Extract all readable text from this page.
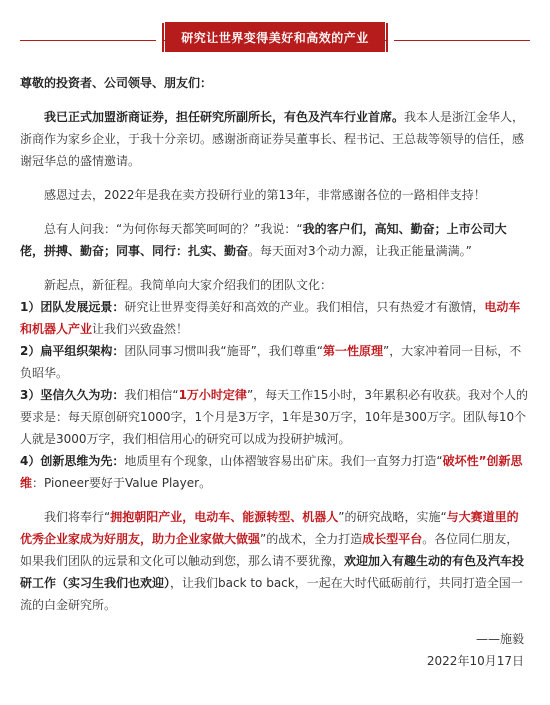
研究让世界变得美好和高效的产业

尊敬的投资者、公司领导、朋友们：

我已正式加盟浙商证券，担任研究所副所长，有色及汽车行业首席。我本人是浙江金华人，浙商作为家乡企业，于我十分亲切。感谢浙商证券吴董事长、程书记、王总裁等领导的信任，感谢冠华总的盛情邀请。

感恩过去，2022年是我在卖方投研行业的第13年，非常感谢各位的一路相伴支持！

总有人问我：“为何你每天都笑呵呵的？”我说：“我的客户们，高知、勤奋；上市公司大佬，拼搏、勤奋；同事、同行：扎实、勤奋。每天面对3个动力源，让我正能量满满。”

新起点，新征程。我简单向大家介绍我们的团队文化：

1）团队发展远景：研究让世界变得美好和高效的产业。我们相信，只有热爱才有激情，电动车和机器人产业让我们兴致盎然！

2）扁平组织架构：团队同事习惯叫我“施哥”，我们尊重“第一性原理”，大家冲着同一目标，不负昭华。

3）坚信久久为功：我们相信“1万小时定律”，每天工作15小时，3年累积必有收获。我对个人的要求是：每天原创研究1000字，1个月是3万字，1年是30万字，10年是300万字。团队每10个人就是3000万字，我们相信用心的研究可以成为投研护城河。

4）创新思维为先：地质里有个现象，山体褶皱容易出矿床。我们一直努力打造“破坏性”创新思维：Pioneer要好于Value Player。

我们将奉行“拥抱朝阳产业，电动车、能源转型、机器人”的研究战略，实施“与大赛道里的优秀企业家成为好朋友，助力企业家做大做强”的战术，全力打造成长型平台。各位同仁朋友，如果我们团队的远景和文化可以触动到您，那么请不要犹豫，欢迎加入有趣生动的有色及汽车投研工作（实习生我们也欢迎），让我们back to back，一起在大时代砥砺前行，共同打造全国一流的白金研究所。

——施毅

2022年10月17日
